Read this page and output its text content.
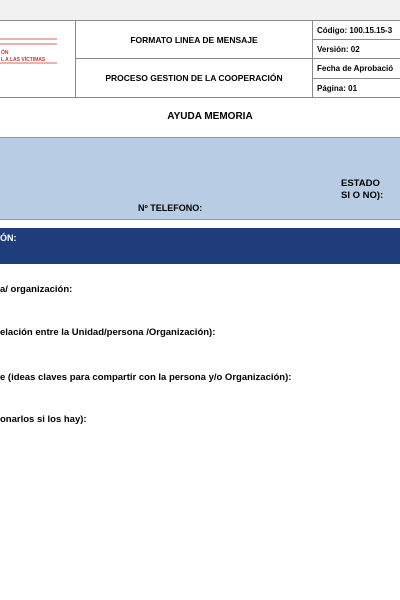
ÓN
L A LAS VÍCTIMAS
FORMATO LINEA DE MENSAJE
PROCESO GESTION DE LA COOPERACIÓN
Código: 100.15.15-3
Versión: 02
Fecha de Aprobació
Página: 01
AYUDA MEMORIA
Nº TELEFONO:
ESTADO
SI O NO):
ÓN:
a/ organización:
elación entre la Unidad/persona /Organización):
e (ideas claves para compartir con la persona y/o Organización):
onarlos si los hay):
